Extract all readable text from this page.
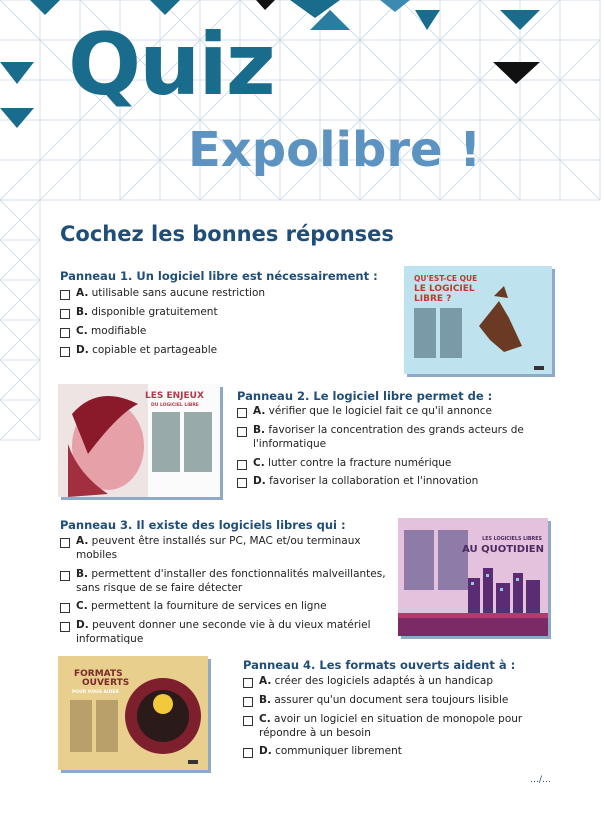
Quiz
Expolibre !
Cochez les bonnes réponses
Panneau 1. Un logiciel libre est nécessairement :
A. utilisable sans aucune restriction
B. disponible gratuitement
C. modifiable
D. copiable et partageable
QU'EST-CE QUE
LE LOGICIEL
LIBRE ?
LES ENJEUX
DU LOGICIEL LIBRE
Panneau 2. Le logiciel libre permet de :
A. vérifier que le logiciel fait ce qu'il annonce
B. favoriser la concentration des grands acteurs de l'informatique
C. lutter contre la fracture numérique
D. favoriser la collaboration et l'innovation
Panneau 3. Il existe des logiciels libres qui :
A. peuvent être installés sur PC, MAC et/ou terminaux mobiles
B. permettent d'installer des fonctionnalités malveillantes, sans risque de se faire détecter
C. permettent la fourniture de services en ligne
D. peuvent donner une seconde vie à du vieux matériel informatique
LES LOGICIELS LIBRES
AU QUOTIDIEN
FORMATS
OUVERTS
POUR VOUS AIDER
Panneau 4. Les formats ouverts aident à :
A. créer des logiciels adaptés à un handicap
B. assurer qu'un document sera toujours lisible
C. avoir un logiciel en situation de monopole pour répondre à un besoin
D. communiquer librement
…/…
